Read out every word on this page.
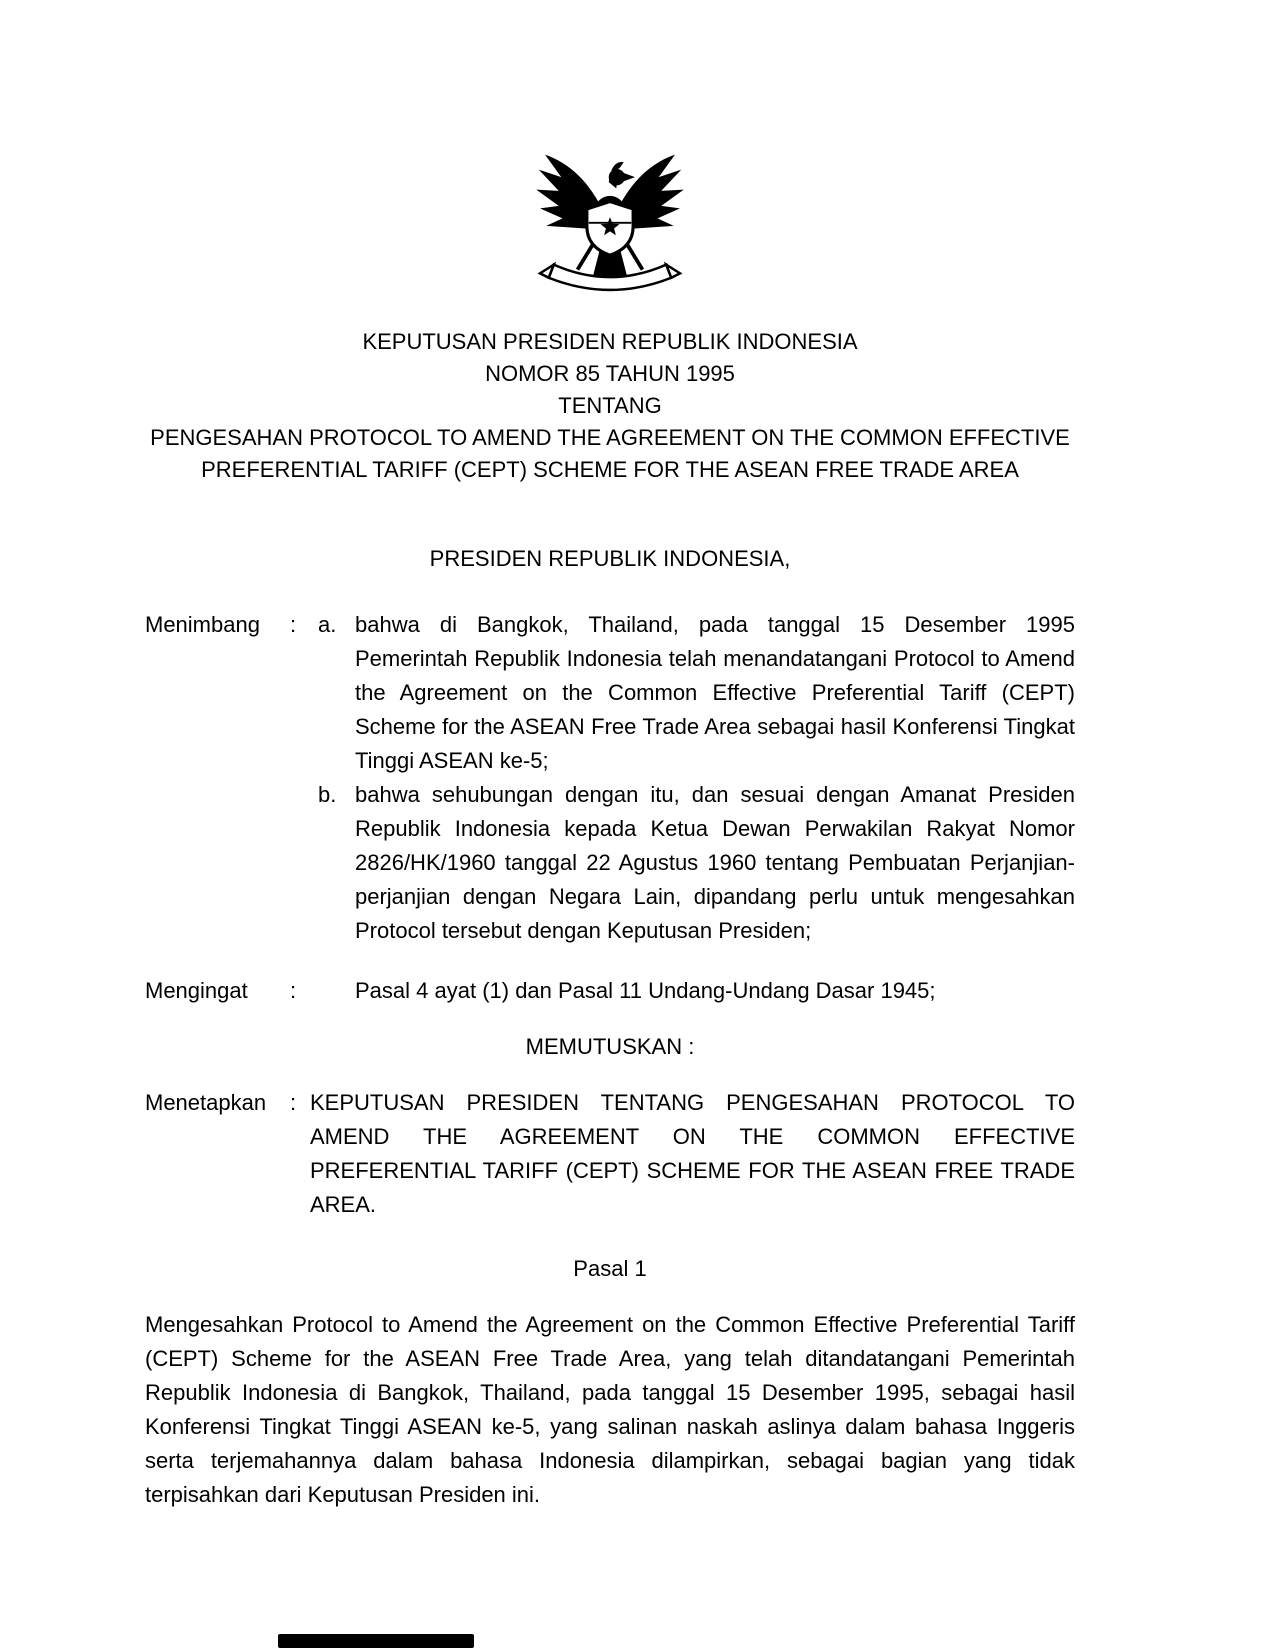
KEPUTUSAN PRESIDEN REPUBLIK INDONESIA
NOMOR 85 TAHUN 1995
TENTANG
PENGESAHAN PROTOCOL TO AMEND THE AGREEMENT ON THE COMMON EFFECTIVE
PREFERENTIAL TARIFF (CEPT) SCHEME FOR THE ASEAN FREE TRADE AREA
PRESIDEN REPUBLIK INDONESIA,
Menimbang	: a. bahwa di Bangkok, Thailand, pada tanggal 15 Desember 1995 Pemerintah Republik Indonesia telah menandatangani Protocol to Amend the Agreement on the Common Effective Preferential Tariff (CEPT) Scheme for the ASEAN Free Trade Area sebagai hasil Konferensi Tingkat Tinggi ASEAN ke-5;
b. bahwa sehubungan dengan itu, dan sesuai dengan Amanat Presiden Republik Indonesia kepada Ketua Dewan Perwakilan Rakyat Nomor 2826/HK/1960 tanggal 22 Agustus 1960 tentang Pembuatan Perjanjian-perjanjian dengan Negara Lain, dipandang perlu untuk mengesahkan Protocol tersebut dengan Keputusan Presiden;
Mengingat	:	Pasal 4 ayat (1) dan Pasal 11 Undang-Undang Dasar 1945;
MEMUTUSKAN :
Menetapkan	: KEPUTUSAN PRESIDEN TENTANG PENGESAHAN PROTOCOL TO AMEND THE AGREEMENT ON THE COMMON EFFECTIVE PREFERENTIAL TARIFF (CEPT) SCHEME FOR THE ASEAN FREE TRADE AREA.
Pasal 1
Mengesahkan Protocol to Amend the Agreement on the Common Effective Preferential Tariff (CEPT) Scheme for the ASEAN Free Trade Area, yang telah ditandatangani Pemerintah Republik Indonesia di Bangkok, Thailand, pada tanggal 15 Desember 1995, sebagai hasil Konferensi Tingkat Tinggi ASEAN ke-5, yang salinan naskah aslinya dalam bahasa Inggeris serta terjemahannya dalam bahasa Indonesia dilampirkan, sebagai bagian yang tidak terpisahkan dari Keputusan Presiden ini.
